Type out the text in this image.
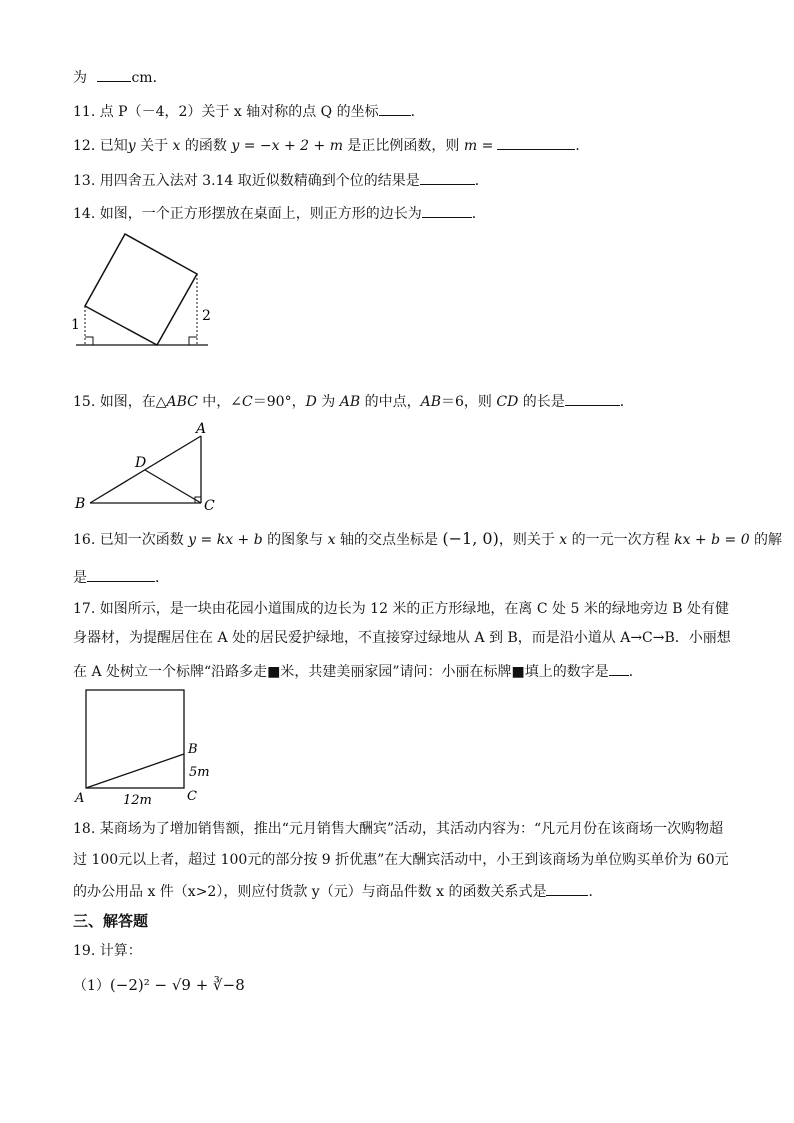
为	cm．
11. 点 P（－4，2）关于 x 轴对称的点 Q 的坐标 ．
12. 已知y 关于 x 的函数 y = −x + 2 + m 是正比例函数，则 m =	．
13. 用四舍五入法对 3.14 取近似数精确到个位的结果是	．
14. 如图，一个正方形摆放在桌面上，则正方形的边长为	．
1
2
15. 如图，在△ABC 中，∠C＝90°，D 为 AB 的中点，AB＝6，则 CD 的长是	．
A
B	C
D
16. 已知一次函数 y = kx + b 的图象与 x 轴的交点坐标是 (−1, 0)，则关于 x 的一元一次方程 kx + b = 0 的解
是	．
17. 如图所示，是一块由花园小道围成的边长为 12 米的正方形绿地，在离 C 处 5 米的绿地旁边 B 处有健
身器材，为提醒居住在 A 处的居民爱护绿地，不直接穿过绿地从 A 到 B，而是沿小道从 A→C→B．小丽想
在 A 处树立一个标牌“沿路多走■米，共建美丽家园”请问：小丽在标牌■填上的数字是 ．
A
B
C
5m
12m
18. 某商场为了增加销售额，推出“元月销售大酬宾”活动，其活动内容为：“凡元月份在该商场一次购物超
过 100元以上者，超过 100元的部分按 9 折优惠”在大酬宾活动中，小王到该商场为单位购买单价为 60元
的办公用品 x 件（x>2），则应付货款 y（元）与商品件数 x 的函数关系式是	．
三、解答题
19. 计算：
（1）(−2)² − √9 + ∛−8
